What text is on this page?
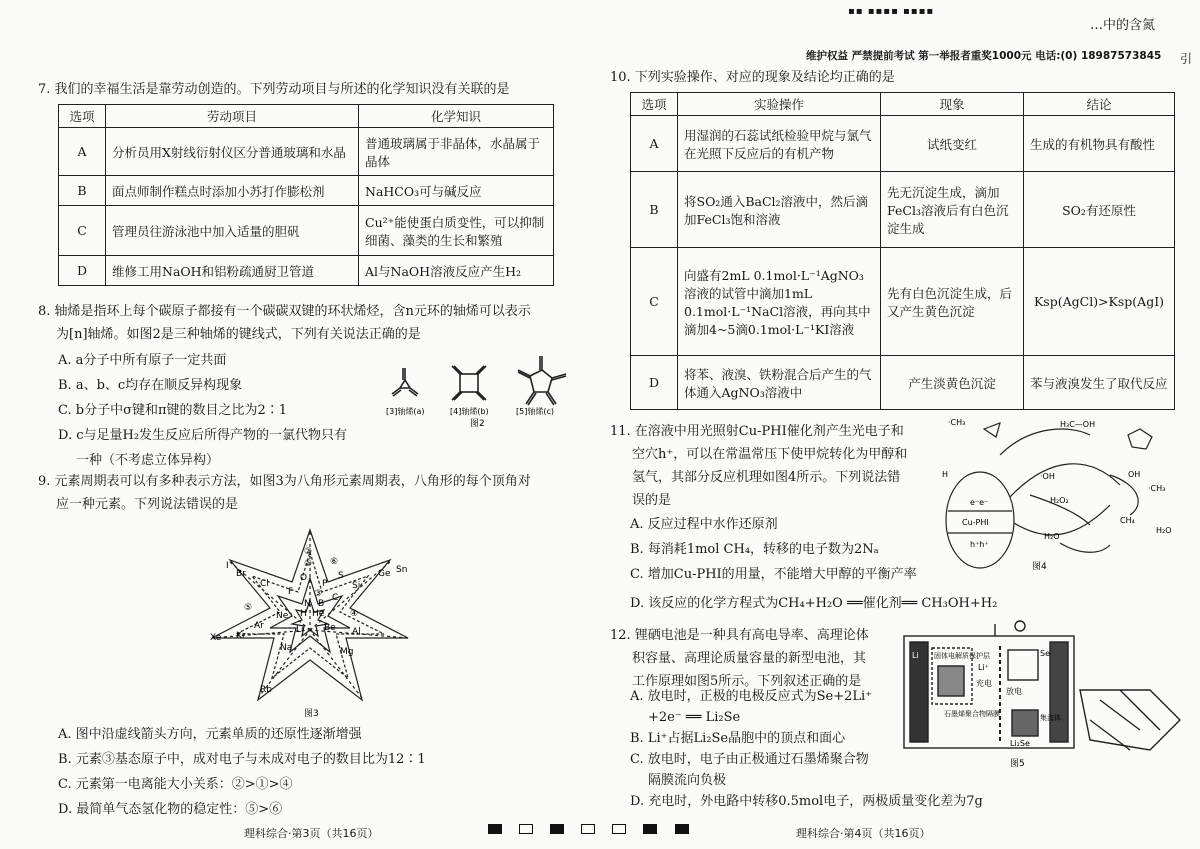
▪▪ ▪▪▪▪ ▪▪▪▪
…中的含氮
维护权益 严禁提前考试 第一举报者重奖1000元 电话:(0) 18987573845 引
7. 我们的幸福生活是靠劳动创造的。下列劳动项目与所述的化学知识没有关联的是
选项	劳动项目	化学知识
A	分析员用X射线衍射仪区分普通玻璃和水晶	普通玻璃属于非晶体，水晶属于晶体
B	面点师制作糕点时添加小苏打作膨松剂	NaHCO₃可与碱反应
C	管理员往游泳池中加入适量的胆矾	Cu²⁺能使蛋白质变性，可以抑制细菌、藻类的生长和繁殖
D	维修工用NaOH和铝粉疏通厨卫管道	Al与NaOH溶液反应产生H₂
8. 轴烯是指环上每个碳原子都接有一个碳碳双键的环状烯烃，含n元环的轴烯可以表示
为[n]轴烯。如图2是三种轴烯的键线式，下列有关说法正确的是
A. a分子中所有原子一定共面
B. a、b、c均存在顺反异构现象
C. b分子中σ键和π键的数目之比为2∶1
D. c与足量H₂发生反应后所得产物的一氯代物只有
一种（不考虑立体异构）
[3]轴烯(a)	[4]轴烯(b)	[5]轴烯(c)
图2
9. 元素周期表可以有多种表示方法，如图3为八角形元素周期表，八角形的每个顶角对
应一种元素。下列说法错误的是
I
Br
Cl
F
O
N
Ne
Ar
Kr
Xe
H He
Li Be
Na	Mg
Al
Si
P
S	Ge Sn
Rb
B
C
①
②
③
④
⑤
⑥
图3
A. 图中沿虚线箭头方向，元素单质的还原性逐渐增强
B. 元素③基态原子中，成对电子与未成对电子的数目比为12∶1
C. 元素第一电离能大小关系：②>①>④
D. 最简单气态氢化物的稳定性：⑤>⑥
理科综合·第3页（共16页）

10. 下列实验操作、对应的现象及结论均正确的是
选项	实验操作	现象	结论
A	用湿润的石蕊试纸检验甲烷与氯气在光照下反应后的有机产物	试纸变红	生成的有机物具有酸性
B	将SO₂通入BaCl₂溶液中，然后滴加FeCl₃饱和溶液	先无沉淀生成，滴加FeCl₃溶液后有白色沉淀生成	SO₂有还原性
C	向盛有2mL 0.1mol·L⁻¹AgNO₃溶液的试管中滴加1mL 0.1mol·L⁻¹NaCl溶液，再向其中滴加4~5滴0.1mol·L⁻¹KI溶液	先有白色沉淀生成，后又产生黄色沉淀	Ksp(AgCl)>Ksp(AgI)
D	将苯、液溴、铁粉混合后产生的气体通入AgNO₃溶液中	产生淡黄色沉淀	苯与液溴发生了取代反应
11. 在溶液中用光照射Cu-PHI催化剂产生光电子和
空穴h⁺，可以在常温常压下使甲烷转化为甲醇和
氢气，其部分反应机理如图4所示。下列说法错
误的是
A. 反应过程中水作还原剂
B. 每消耗1mol CH₄，转移的电子数为2Nₐ
C. 增加Cu-PHI的用量，不能增大甲醇的平衡产率
D. 该反应的化学方程式为CH₄+H₂O ══催化剂══ CH₃OH+H₂
·CH₃	H₃C—OH
e⁻e⁻
Cu-PHI
h⁺h⁺
OH
·OH
H₂O₂
H₂O
·CH₃
CH₄
H₂O
H
图4
12. 锂硒电池是一种具有高电导率、高理论体
积容量、高理论质量容量的新型电池，其
工作原理如图5所示。下列叙述正确的是
A. 放电时，正极的电极反应式为Se+2Li⁺
+2e⁻ ══ Li₂Se
B. Li⁺占据Li₂Se晶胞中的顶点和面心
C. 放电时，电子由正极通过石墨烯聚合物
隔膜流向负极
D. 充电时，外电路中转移0.5mol电子，两极质量变化差为7g
Li 固体电解质保护层
Li⁺
充电
放电
Se
石墨烯聚合物隔膜
Li₂Se
集流体
图5
理科综合·第4页（共16页）
